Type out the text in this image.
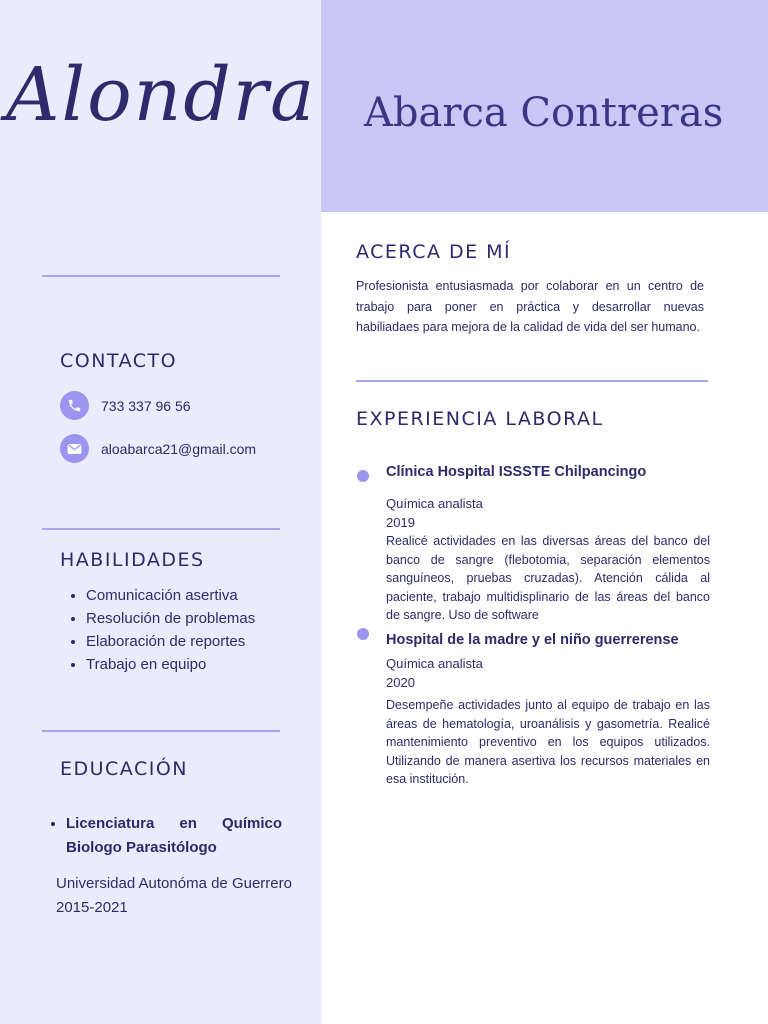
Alondra Abarca Contreras
CONTACTO
733 337 96 56
aloabarca21@gmail.com
HABILIDADES
• Comunicación asertiva
• Resolución de problemas
• Elaboración de reportes
• Trabajo en equipo
EDUCACIÓN
• Licenciatura en Químico Biologo Parasitólogo
Universidad Autonóma de Guerrero
2015-2021
ACERCA DE MÍ
Profesionista entusiasmada por colaborar en un centro de trabajo para poner en práctica y desarrollar nuevas habiliadaes para mejora de la calidad de vida del ser humano.
EXPERIENCIA LABORAL
Clínica Hospital ISSSTE Chilpancingo
Química analista
2019
Realicé actividades en las diversas áreas del banco del banco de sangre (flebotomia, separación elementos sanguíneos, pruebas cruzadas). Atención cálida al paciente, trabajo multidisplinario de las áreas del banco de sangre. Uso de software
Hospital de la madre y el niño guerrerense
Química analista
2020
Desempeñe actividades junto al equipo de trabajo en las áreas de hematología, uroanálisis y gasometría. Realicé mantenimiento preventivo en los equipos utilizados. Utilizando de manera asertiva los recursos materiales en esa institución.
